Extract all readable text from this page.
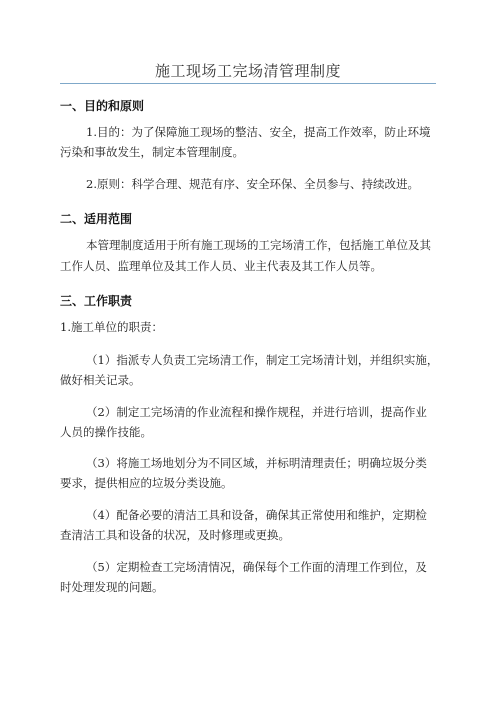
施工现场工完场清管理制度
一、目的和原则
1.目的：为了保障施工现场的整洁、安全，提高工作效率，防止环境
污染和事故发生，制定本管理制度。
2.原则：科学合理、规范有序、安全环保、全员参与、持续改进。
二、适用范围
本管理制度适用于所有施工现场的工完场清工作，包括施工单位及其
工作人员、监理单位及其工作人员、业主代表及其工作人员等。
三、工作职责
1.施工单位的职责：
（1）指派专人负责工完场清工作，制定工完场清计划，并组织实施，
做好相关记录。
（2）制定工完场清的作业流程和操作规程，并进行培训，提高作业
人员的操作技能。
（3）将施工场地划分为不同区域，并标明清理责任；明确垃圾分类
要求，提供相应的垃圾分类设施。
（4）配备必要的清洁工具和设备，确保其正常使用和维护，定期检
查清洁工具和设备的状况，及时修理或更换。
（5）定期检查工完场清情况，确保每个工作面的清理工作到位，及
时处理发现的问题。
